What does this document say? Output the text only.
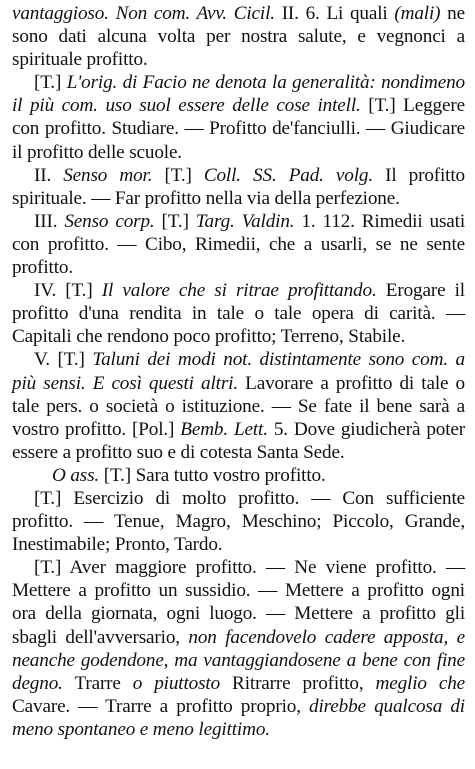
vantaggioso. Non com. Avv. Cicil. II. 6. Li quali (mali) ne sono dati alcuna volta per nostra salute, e vegnonci a spirituale profitto.

[T.] L'orig. di Facio ne denota la generalità: nondimeno il più com. uso suol essere delle cose intell. [T.] Leggere con profitto. Studiare. — Profitto de'fanciulli. — Giudicare il profitto delle scuole.

II. Senso mor. [T.] Coll. SS. Pad. volg. Il profitto spirituale. — Far profitto nella via della perfezione.

III. Senso corp. [T.] Targ. Valdin. 1. 112. Rimedii usati con profitto. — Cibo, Rimedii, che a usarli, se ne sente profitto.

IV. [T.] Il valore che si ritrae profittando. Erogare il profitto d'una rendita in tale o tale opera di carità. — Capitali che rendono poco profitto; Terreno, Stabile.

V. [T.] Taluni dei modi not. distintamente sono com. a più sensi. E così questi altri. Lavorare a profitto di tale o tale pers. o società o istituzione. — Se fate il bene sarà a vostro profitto. [Pol.] Bemb. Lett. 5. Dove giudicherà poter essere a profitto suo e di cotesta Santa Sede.

O ass. [T.] Sara tutto vostro profitto.

[T.] Esercizio di molto profitto. — Con sufficiente profitto. — Tenue, Magro, Meschino; Piccolo, Grande, Inestimabile; Pronto, Tardo.

[T.] Aver maggiore profitto. — Ne viene profitto. — Mettere a profitto un sussidio. — Mettere a profitto ogni ora della giornata, ogni luogo. — Mettere a profitto gli sbagli dell'avversario, non facendovelo cadere apposta, e neanche godendone, ma vantaggiandosene a bene con fine degno. Trarre o piuttosto Ritrarre profitto, meglio che Cavare. — Trarre a profitto proprio, direbbe qualcosa di meno spontaneo e meno legittimo.
